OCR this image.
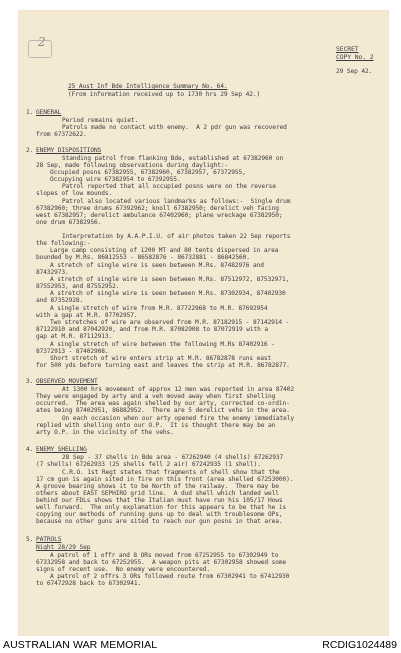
2	SECRET
COPY No. 2
29 Sep 42.
25 Aust Inf Bde Intelligence Summary No. 64.
(From information received up to 1730 hrs 29 Sep 42.)
1. GENERAL
Period remains quiet.
Patrols made no contact with enemy.  A 2 pdr gun was recovered
from 67372622.
2. ENEMY DISPOSITIONS
Standing patrol from flanking Bde, established at 67382960 on
28 Sep, made following observations during daylight:-
Occupied posns 67382955, 67382960, 67382957, 67372955,
Occupying wire 67382954 to 67392955.
Patrol reported that all occupied posns were on the reverse
slopes of low mounds.
Patrol also located various landmarks as follows:-  Single drum
67382960; three drums 67392962; knoll 67382950; derelict veh facing
west 67382957; derelict ambulance 67402960; plane wreckage 67382950;
one drum 67382956.
Interpretation by A.A.P.I.U. of air photos taken 22 Sep reports
the following:-
Large camp consisting of 1200 MT and 80 tents dispersed in area
bounded by M.Rs. 86812553 - 86582876 - 86732881 - 86842560.
A stretch of single wire is seen between M.Rs. 87482976 and
87432973.
A stretch of single wire is seen between M.Rs. 87512972, 87532971,
87552953, and 87552952.
A stretch of single wire is seen between M.Rs. 87302934, 87402930
and 87352928.
A single stretch of wire from M.R. 87722968 to M.R. 87692954
with a gap at M.R. 87702957.
Two stretches of wire are observed from M.R. 87182915 - 87142914 -
87122910 and 87042920, and from M.R. 87082908 to 87072919 with a
gap at M.R. 87112913.
A single stretch of wire between the following M.Rs 87402916 -
87372913 - 87402908.
Short stretch of wire enters strip at M.R. 86782878 runs east
for 500 yds before turning east and leaves the strip at M.R. 86782877.
3. OBSERVED MOVEMENT
At 1300 hrs movement of approx 12 men was reported in area 87402
They were engaged by arty and a veh moved away when first shelling
occurred.  The area was again shelled by our arty, corrected co-ordin-
ates being 87402951, 86882952.  There are 5 derelict vehs in the area.
On each occasion when our arty opened fire the enemy immediately
replied with shelling onto our O.P.  It is thought there may be an
arty O.P. in the vicinity of the vehs.
4. ENEMY SHELLING
28 Sep - 37 shells in Bde area - 67262940 (4 shells) 67262937
(7 shells) 67262933 (25 shells fell 2 air) 67242935 (1 shell).
C.R.O. 1st Regt states that fragments of shell show that the
17 cm gun is again sited in fire on this front (area shelled 67253000).
A groove bearing shows it to be North of the railway.  There may be
others about EAST SEPHIRO grid line.  A dud shell which landed well
behind our FDLs shows that the Italian must have run his 105/17 Hows
well forward.  The only explanation for this appears to be that he is
copying our methods of running guns up to deal with troublesome OPs,
because no other guns are sited to reach our gun posns in that area.
5. PATROLS
Night 28/29 Sep
A patrol of 1 offr and 8 ORs moved from 67252955 to 67302949 to
67332958 and back to 67252955.  A weapon pits at 67302958 showed some
signs of recent use.  No enemy were encountered.
A patrol of 2 offrs 3 ORs followed route from 67302941 to 67412930
to 67472928 back to 67302941.
AUSTRALIAN WAR MEMORIAL	RCDIG1024489
